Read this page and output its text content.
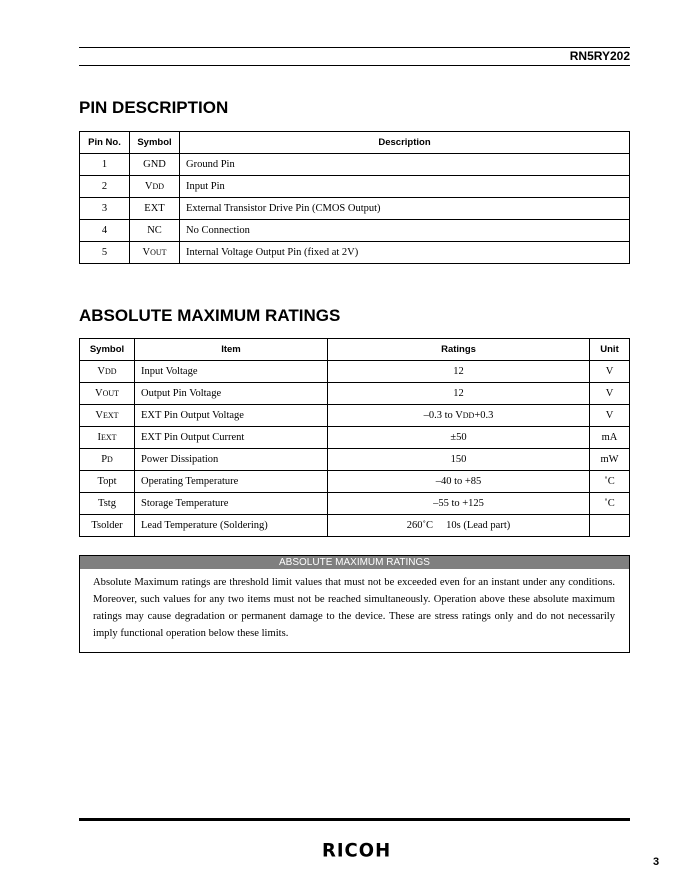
RN5RY202
PIN DESCRIPTION
Pin No.	Symbol	Description
1	GND	Ground Pin
2	VDD	Input Pin
3	EXT	External Transistor Drive Pin (CMOS Output)
4	NC	No Connection
5	VOUT	Internal Voltage Output Pin (fixed at 2V)
ABSOLUTE MAXIMUM RATINGS
Symbol	Item	Ratings	Unit
VDD	Input Voltage	12	V
VOUT	Output Pin Voltage	12	V
VEXT	EXT Pin Output Voltage	–0.3 to VDD+0.3	V
IEXT	EXT Pin Output Current	±50	mA
PD	Power Dissipation	150	mW
Topt	Operating Temperature	–40 to +85	˚C
Tstg	Storage Temperature	–55 to +125	˚C
Tsolder	Lead Temperature (Soldering)	260˚C  10s (Lead part)	
ABSOLUTE MAXIMUM RATINGS
Absolute Maximum ratings are threshold limit values that must not be exceeded even for an instant under any conditions. Moreover, such values for any two items must not be reached simultaneously. Operation above these absolute maximum ratings may cause degradation or permanent damage to the device. These are stress ratings only and do not necessarily imply functional operation below these limits.
RICOH
3
